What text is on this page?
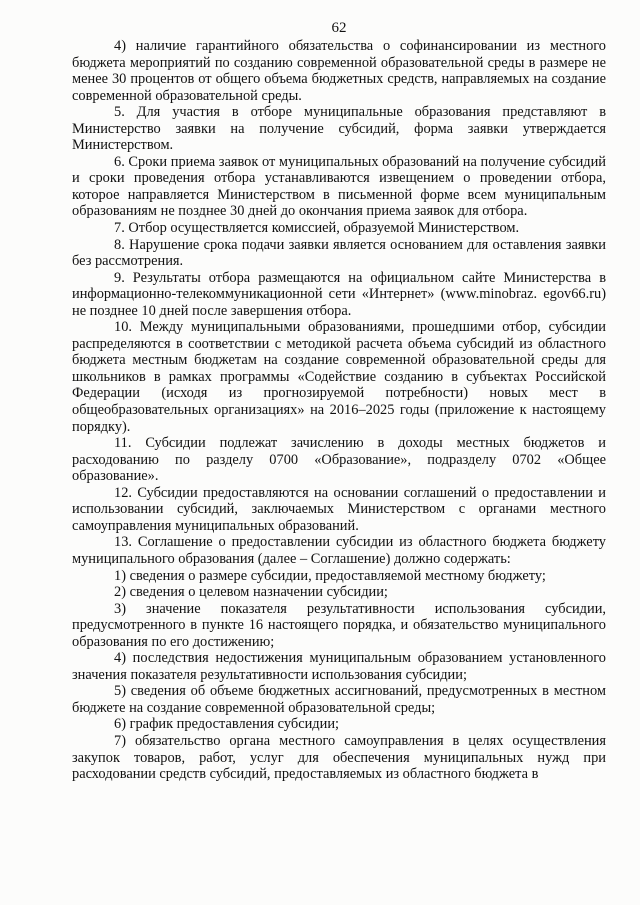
62

4) наличие гарантийного обязательства о софинансировании из местного бюджета мероприятий по созданию современной образовательной среды в размере не менее 30 процентов от общего объема бюджетных средств, направляемых на создание современной образовательной среды.

5. Для участия в отборе муниципальные образования представляют в Министерство заявки на получение субсидий, форма заявки утверждается Министерством.

6. Сроки приема заявок от муниципальных образований на получение субсидий и сроки проведения отбора устанавливаются извещением о проведении отбора, которое направляется Министерством в письменной форме всем муниципальным образованиям не позднее 30 дней до окончания приема заявок для отбора.

7. Отбор осуществляется комиссией, образуемой Министерством.

8. Нарушение срока подачи заявки является основанием для оставления заявки без рассмотрения.

9. Результаты отбора размещаются на официальном сайте Министерства в информационно-телекоммуникационной сети «Интернет» (www.minobraz. egov66.ru) не позднее 10 дней после завершения отбора.

10. Между муниципальными образованиями, прошедшими отбор, субсидии распределяются в соответствии с методикой расчета объема субсидий из областного бюджета местным бюджетам на создание современной образовательной среды для школьников в рамках программы «Содействие созданию в субъектах Российской Федерации (исходя из прогнозируемой потребности) новых мест в общеобразовательных организациях» на 2016–2025 годы (приложение к настоящему порядку).

11. Субсидии подлежат зачислению в доходы местных бюджетов и расходованию по разделу 0700 «Образование», подразделу 0702 «Общее образование».

12. Субсидии предоставляются на основании соглашений о предоставлении и использовании субсидий, заключаемых Министерством с органами местного самоуправления муниципальных образований.

13. Соглашение о предоставлении субсидии из областного бюджета бюджету муниципального образования (далее – Соглашение) должно содержать:

1) сведения о размере субсидии, предоставляемой местному бюджету;

2) сведения о целевом назначении субсидии;

3) значение показателя результативности использования субсидии, предусмотренного в пункте 16 настоящего порядка, и обязательство муниципального образования по его достижению;

4) последствия недостижения муниципальным образованием установленного значения показателя результативности использования субсидии;

5) сведения об объеме бюджетных ассигнований, предусмотренных в местном бюджете на создание современной образовательной среды;

6) график предоставления субсидии;

7) обязательство органа местного самоуправления в целях осуществления закупок товаров, работ, услуг для обеспечения муниципальных нужд при расходовании средств субсидий, предоставляемых из областного бюджета в
